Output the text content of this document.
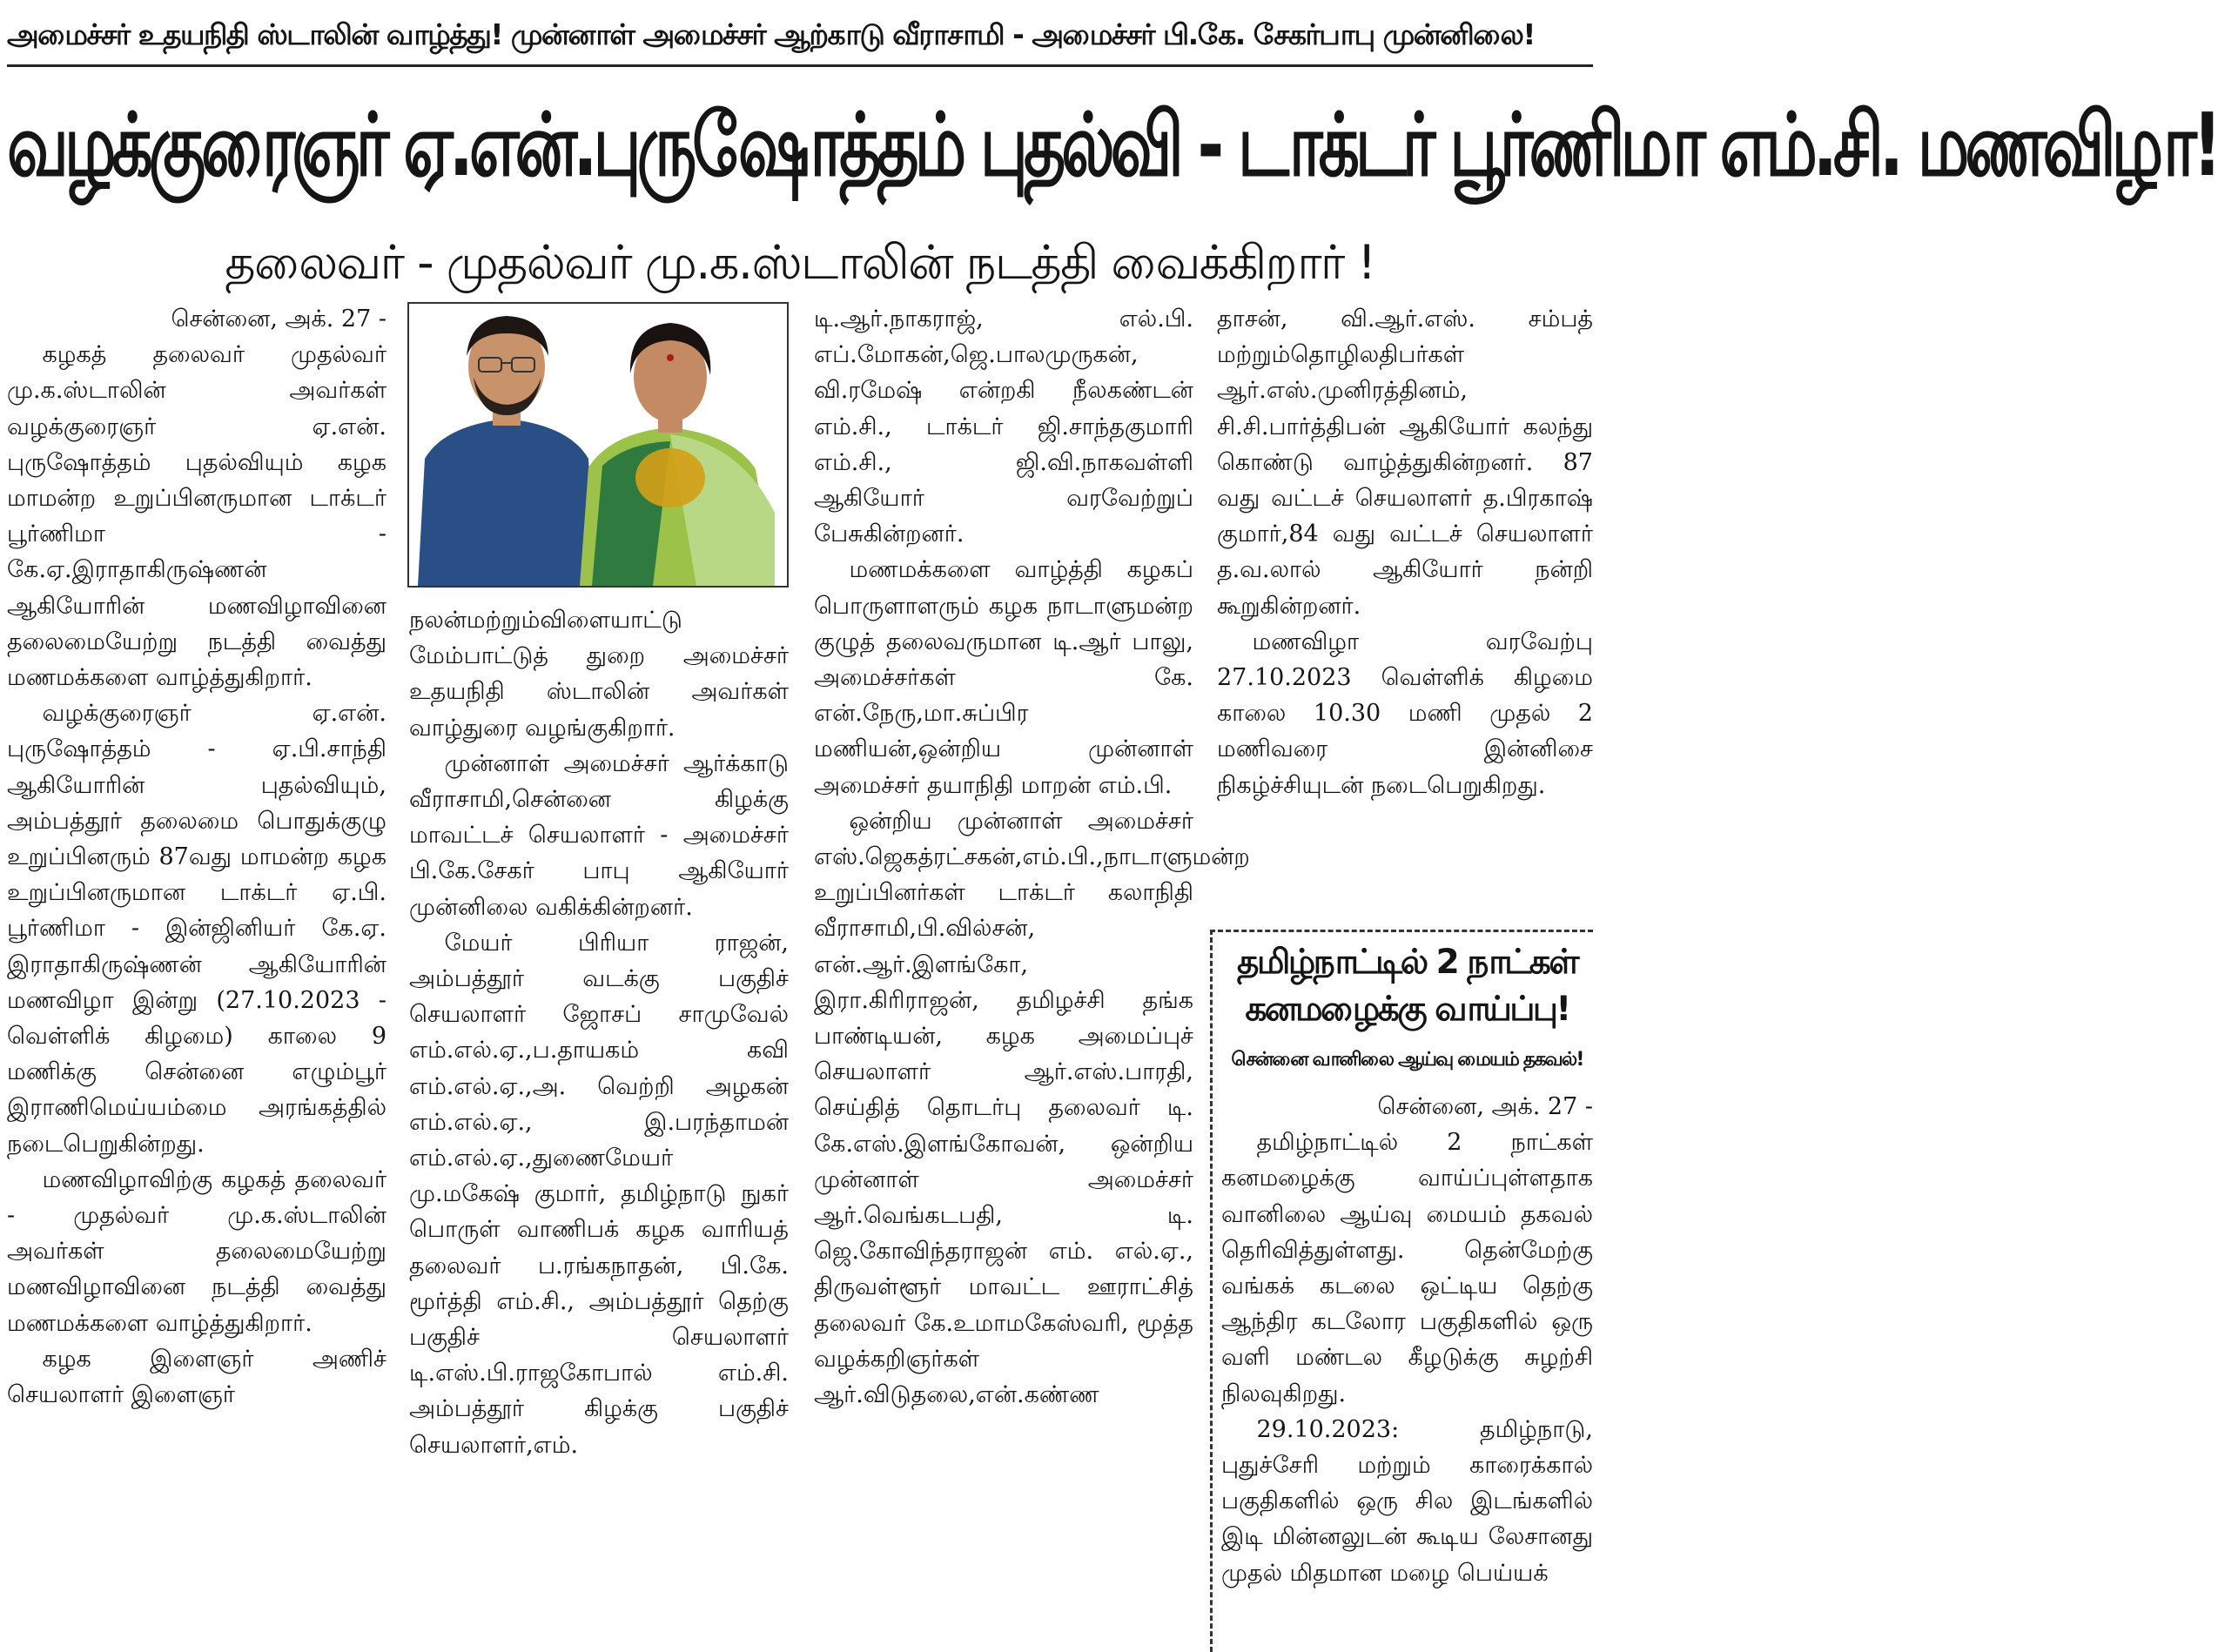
அமைச்சர் உதயநிதி ஸ்டாலின் வாழ்த்து! முன்னாள் அமைச்சர் ஆற்காடு வீராசாமி - அமைச்சர் பி.கே. சேகர்பாபு முன்னிலை!
வழக்குரைஞர் ஏ.என்.புருஷோத்தம் புதல்வி - டாக்டர் பூர்ணிமா எம்.சி. மணவிழா!
தலைவர் - முதல்வர் மு.க.ஸ்டாலின் நடத்தி வைக்கிறார் !
சென்னை, அக். 27 -

கழகத் தலைவர் முதல்வர் மு.க.ஸ்டாலின் அவர்கள் வழக்குரைஞர் ஏ.என். புருஷோத்தம் புதல்வியும் கழக மாமன்ற உறுப்பினருமான டாக்டர் பூர்ணிமா - கே.ஏ.இராதாகிருஷ்ணன் ஆகியோரின் மணவிழாவினை தலைமையேற்று நடத்தி வைத்து மணமக்களை வாழ்த்துகிறார்.

வழக்குரைஞர் ஏ.என். புருஷோத்தம் - ஏ.பி.சாந்தி ஆகியோரின் புதல்வியும், அம்பத்தூர் தலைமை பொதுக்குழு உறுப்பினரும் 87வது மாமன்ற கழக உறுப்பினருமான டாக்டர் ஏ.பி. பூர்ணிமா - இன்ஜினியர் கே.ஏ. இராதாகிருஷ்ணன் ஆகியோரின் மணவிழா இன்று (27.10.2023 - வெள்ளிக் கிழமை) காலை 9 மணிக்கு சென்னை எழும்பூர் இராணிமெய்யம்மை அரங்கத்தில் நடைபெறுகின்றது.

மணவிழாவிற்கு கழகத் தலைவர் - முதல்வர் மு.க.ஸ்டாலின் அவர்கள் தலைமையேற்று மணவிழாவினை நடத்தி வைத்து மணமக்களை வாழ்த்துகிறார்.

கழக இளைஞர் அணிச் செயலாளர் இளைஞர்

நலன்மற்றும்விளையாட்டு மேம்பாட்டுத் துறை அமைச்சர் உதயநிதி ஸ்டாலின் அவர்கள் வாழ்துரை வழங்குகிறார்.

முன்னாள் அமைச்சர் ஆர்க்காடு வீராசாமி,சென்னை கிழக்கு மாவட்டச் செயலாளர் - அமைச்சர் பி.கே.சேகர் பாபு ஆகியோர் முன்னிலை வகிக்கின்றனர்.

மேயர் பிரியா ராஜன், அம்பத்தூர் வடக்கு பகுதிச் செயலாளர் ஜோசப் சாமுவேல் எம்.எல்.ஏ.,ப.தாயகம் கவி எம்.எல்.ஏ.,அ. வெற்றி அழகன் எம்.எல்.ஏ., இ.பரந்தாமன் எம்.எல்.ஏ.,துணைமேயர் மு.மகேஷ் குமார், தமிழ்நாடு நுகர் பொருள் வாணிபக் கழக வாரியத் தலைவர் ப.ரங்கநாதன், பி.கே. மூர்த்தி எம்.சி., அம்பத்தூர் தெற்கு பகுதிச் செயலாளர் டி.எஸ்.பி.ராஜகோபால் எம்.சி. அம்பத்தூர் கிழக்கு பகுதிச் செயலாளர்,எம்.

டி.ஆர்.நாகராஜ், எல்.பி. எப்.மோகன்,ஜெ.பாலமுருகன், வி.ரமேஷ் என்றகி நீலகண்டன் எம்.சி., டாக்டர் ஜி.சாந்தகுமாரி எம்.சி., ஜி.வி.நாகவள்ளி ஆகியோர் வரவேற்றுப் பேசுகின்றனர்.

மணமக்களை வாழ்த்தி கழகப் பொருளாளரும் கழக நாடாளுமன்ற குழுத் தலைவருமான டி.ஆர் பாலு, அமைச்சர்கள் கே. என்.நேரு,மா.சுப்பிர மணியன்,ஒன்றிய முன்னாள் அமைச்சர் தயாநிதி மாறன் எம்.பி.

ஒன்றிய முன்னாள் அமைச்சர் எஸ்.ஜெகத்ரட்சகன்,எம்.பி.,நாடாளுமன்ற உறுப்பினர்கள் டாக்டர் கலாநிதி வீராசாமி,பி.வில்சன், என்.ஆர்.இளங்கோ, இரா.கிரிராஜன், தமிழச்சி தங்க பாண்டியன், கழக அமைப்புச் செயலாளர் ஆர்.எஸ்.பாரதி, செய்தித் தொடர்பு தலைவர் டி. கே.எஸ்.இளங்கோவன், ஒன்றிய முன்னாள் அமைச்சர் ஆர்.வெங்கடபதி, டி. ஜெ.கோவிந்தராஜன் எம். எல்.ஏ., திருவள்ளூர் மாவட்ட ஊராட்சித் தலைவர் கே.உமாமகேஸ்வரி, மூத்த வழக்கறிஞர்கள் ஆர்.விடுதலை,என்.கண்ண

தாசன், வி.ஆர்.எஸ். சம்பத் மற்றும்தொழிலதிபர்கள் ஆர்.எஸ்.முனிரத்தினம், சி.சி.பார்த்திபன் ஆகியோர் கலந்து கொண்டு வாழ்த்துகின்றனர். 87 வது வட்டச் செயலாளர் த.பிரகாஷ் குமார்,84 வது வட்டச் செயலாளர் த.வ.லால் ஆகியோர் நன்றி கூறுகின்றனர்.

மணவிழா வரவேற்பு 27.10.2023 வெள்ளிக் கிழமை காலை 10.30 மணி முதல் 2 மணிவரை இன்னிசை நிகழ்ச்சியுடன் நடைபெறுகிறது.

தமிழ்நாட்டில் 2 நாட்கள் கனமழைக்கு வாய்ப்பு!
சென்னை வானிலை ஆய்வு மையம் தகவல்!
சென்னை, அக். 27 -

தமிழ்நாட்டில் 2 நாட்கள் கனமழைக்கு வாய்ப்புள்ளதாக வானிலை ஆய்வு மையம் தகவல் தெரிவித்துள்ளது. தென்மேற்கு வங்கக் கடலை ஒட்டிய தெற்கு ஆந்திர கடலோர பகுதிகளில் ஒரு வளி மண்டல கீழடுக்கு சுழற்சி நிலவுகிறது.

29.10.2023: தமிழ்நாடு, புதுச்சேரி மற்றும் காரைக்கால் பகுதிகளில் ஒரு சில இடங்களில் இடி மின்னலுடன் கூடிய லேசானது முதல் மிதமான மழை பெய்யக்
